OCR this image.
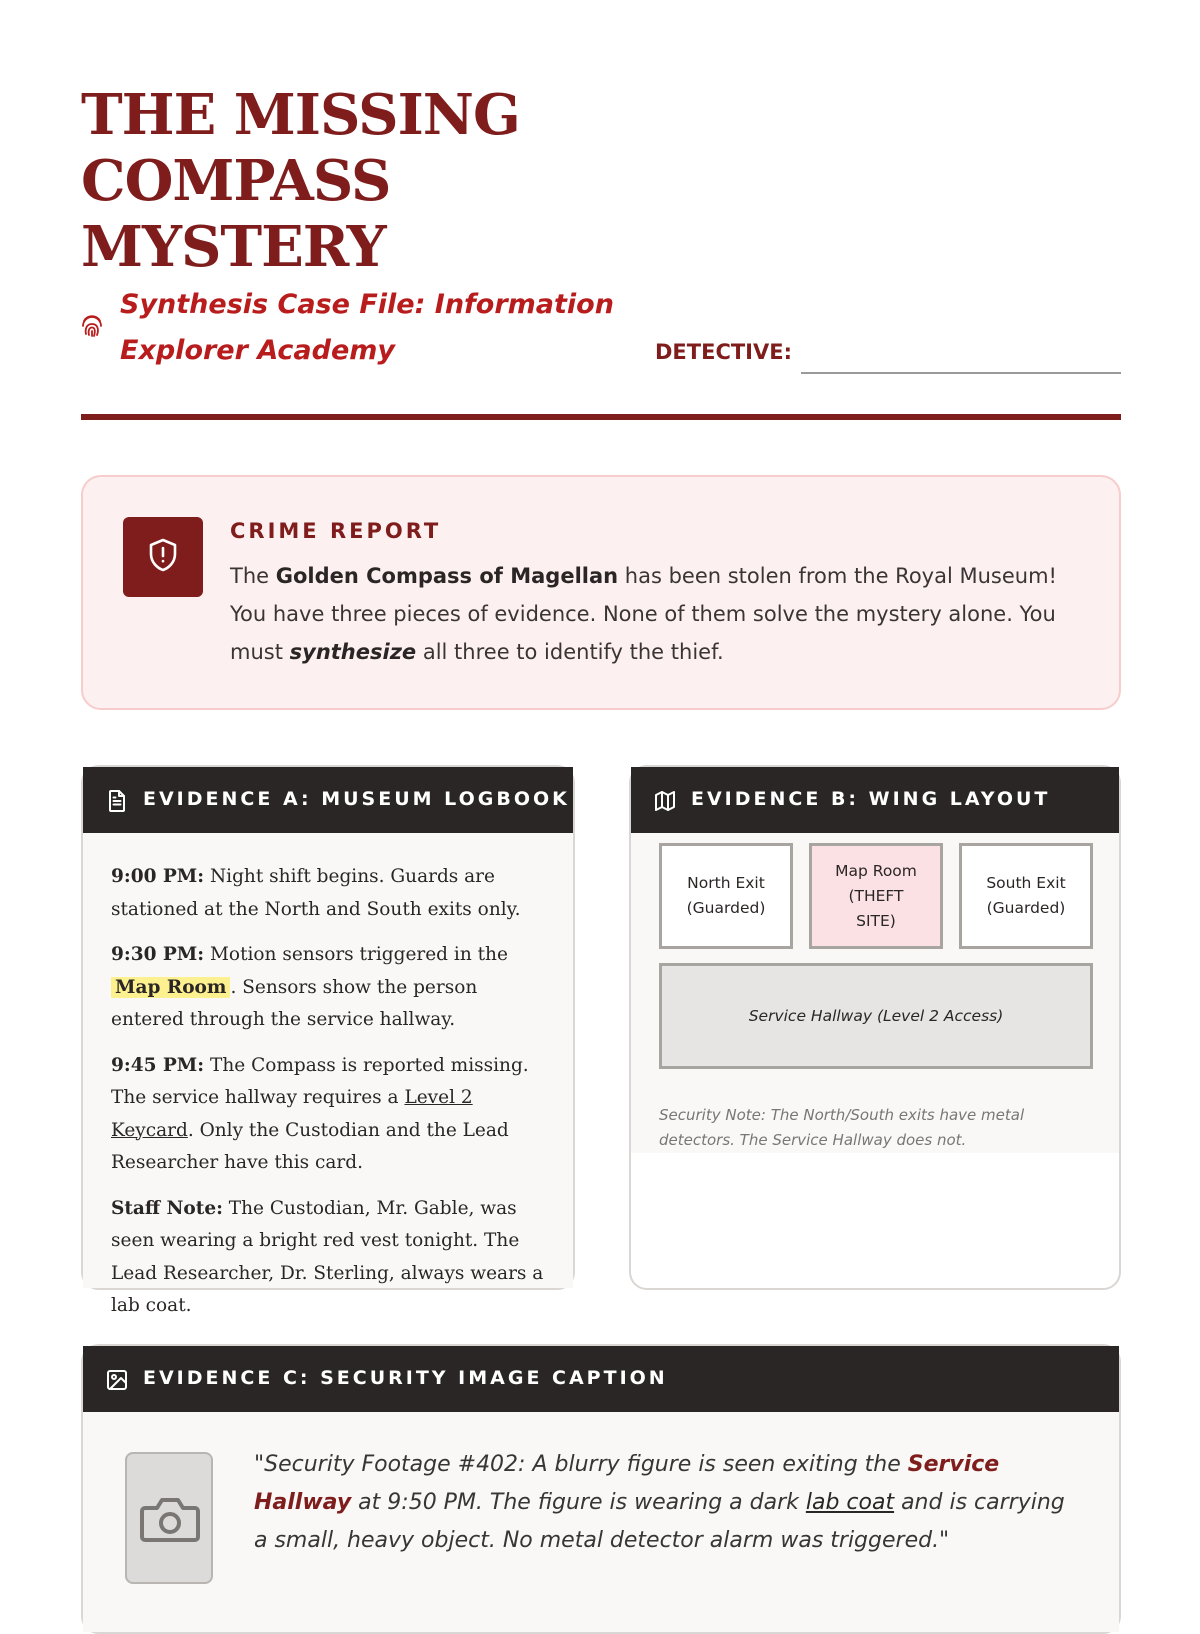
THE MISSING COMPASS MYSTERY
Synthesis Case File: Information Explorer Academy	DETECTIVE:
CRIME REPORT
The Golden Compass of Magellan has been stolen from the Royal Museum! You have three pieces of evidence. None of them solve the mystery alone. You must synthesize all three to identify the thief.
EVIDENCE A: MUSEUM LOGBOOK

9:00 PM: Night shift begins. Guards are stationed at the North and South exits only.

9:30 PM: Motion sensors triggered in the Map Room . Sensors show the person entered through the service hallway.

9:45 PM: The Compass is reported missing. The service hallway requires a Level 2 Keycard. Only the Custodian and the Lead Researcher have this card.

Staff Note: The Custodian, Mr. Gable, was seen wearing a bright red vest tonight. The Lead Researcher, Dr. Sterling, always wears a lab coat.

EVIDENCE B: WING LAYOUT
North Exit
(Guarded)
Map Room
(THEFT
SITE)
South Exit
(Guarded)
Service Hallway (Level 2 Access)
Security Note: The North/South exits have metal detectors. The Service Hallway does not.
EVIDENCE C: SECURITY IMAGE CAPTION
"Security Footage #402: A blurry figure is seen exiting the Service Hallway at 9:50 PM. The figure is wearing a dark lab coat and is carrying a small, heavy object. No metal detector alarm was triggered."
